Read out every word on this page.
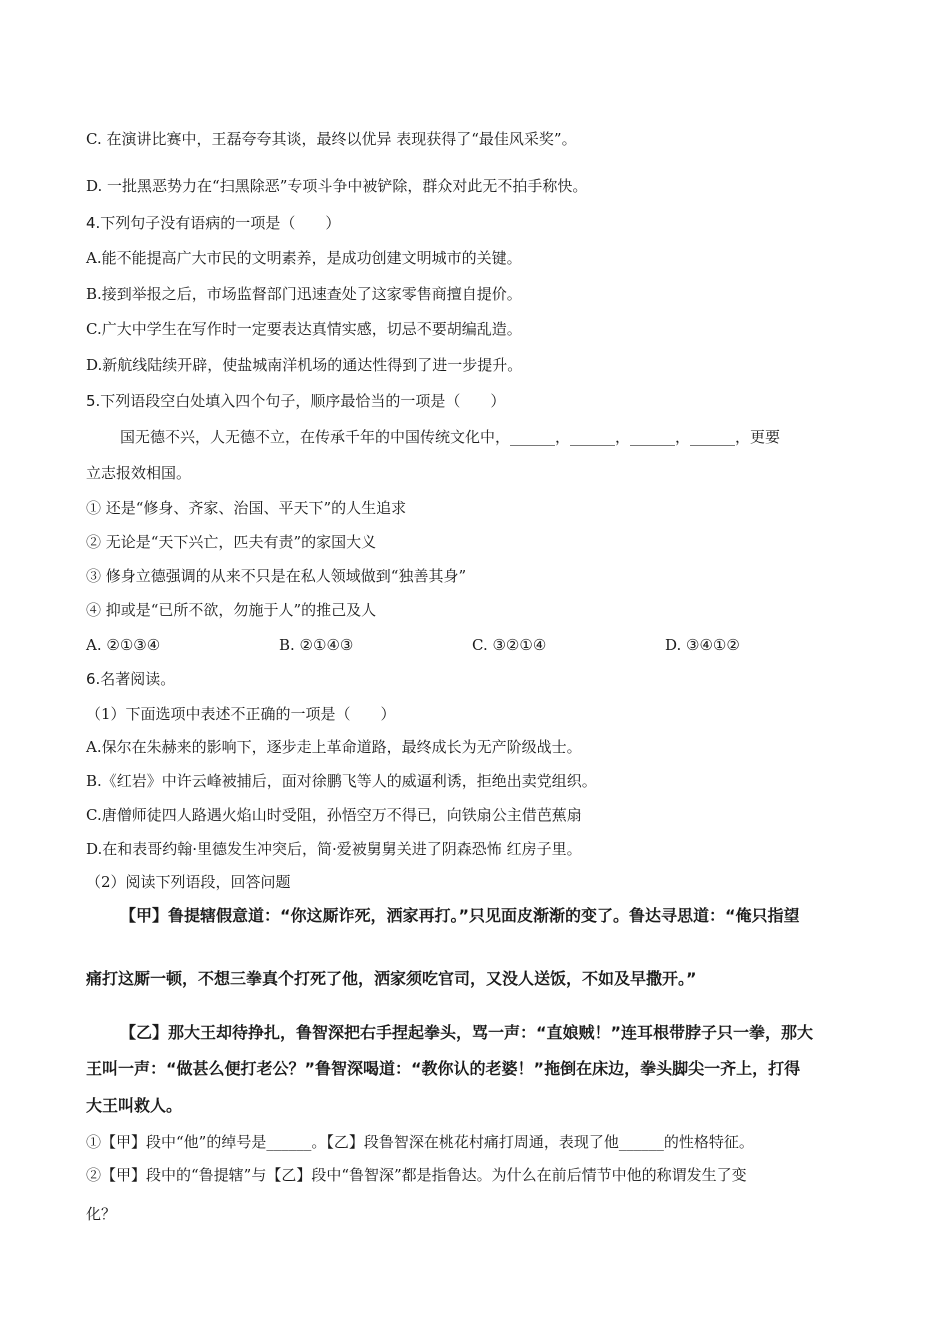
C. 在演讲比赛中，王磊夸夸其谈，最终以优异 表现获得了“最佳风采奖”。
D. 一批黑恶势力在“扫黑除恶”专项斗争中被铲除，群众对此无不拍手称快。
4.下列句子没有语病的一项是（　　）
A.能不能提高广大市民的文明素养，是成功创建文明城市的关键。
B.接到举报之后，市场监督部门迅速查处了这家零售商擅自提价。
C.广大中学生在写作时一定要表达真情实感，切忌不要胡编乱造。
D.新航线陆续开辟，使盐城南洋机场的通达性得到了进一步提升。
5.下列语段空白处填入四个句子，顺序最恰当的一项是（　　）
国无德不兴，人无德不立，在传承千年的中国传统文化中，______，______，______，______，更要
立志报效相国。
① 还是“修身、齐家、治国、平天下”的人生追求
② 无论是“天下兴亡，匹夫有责”的家国大义
③ 修身立德强调的从来不只是在私人领域做到“独善其身”
④ 抑或是“已所不欲，勿施于人”的推己及人
A. ②①③④	B. ②①④③	C. ③②①④	D. ③④①②
6.名著阅读。
（1）下面选项中表述不正确的一项是（　　）
A.保尔在朱赫来的影响下，逐步走上革命道路，最终成长为无产阶级战士。
B.《红岩》中许云峰被捕后，面对徐鹏飞等人的威逼利诱，拒绝出卖党组织。
C.唐僧师徒四人路遇火焰山时受阻，孙悟空万不得已，向铁扇公主借芭蕉扇
D.在和表哥约翰·里德发生冲突后，简·爱被舅舅关进了阴森恐怖 红房子里。
（2）阅读下列语段，回答问题
【甲】鲁提辖假意道：“你这厮诈死，洒家再打。”只见面皮渐渐的变了。鲁达寻思道：“俺只指望
痛打这厮一顿，不想三拳真个打死了他，洒家须吃官司，又没人送饭，不如及早撒开。”
【乙】那大王却待挣扎，鲁智深把右手捏起拳头，骂一声：“直娘贼！”连耳根带脖子只一拳，那大
王叫一声：“做甚么便打老公？”鲁智深喝道：“教你认的老婆！”拖倒在床边，拳头脚尖一齐上，打得
大王叫救人。
①【甲】段中“他”的绰号是______。【乙】段鲁智深在桃花村痛打周通，表现了他______的性格特征。
②【甲】段中的“鲁提辖”与【乙】段中“鲁智深”都是指鲁达。为什么在前后情节中他的称谓发生了变
化？
